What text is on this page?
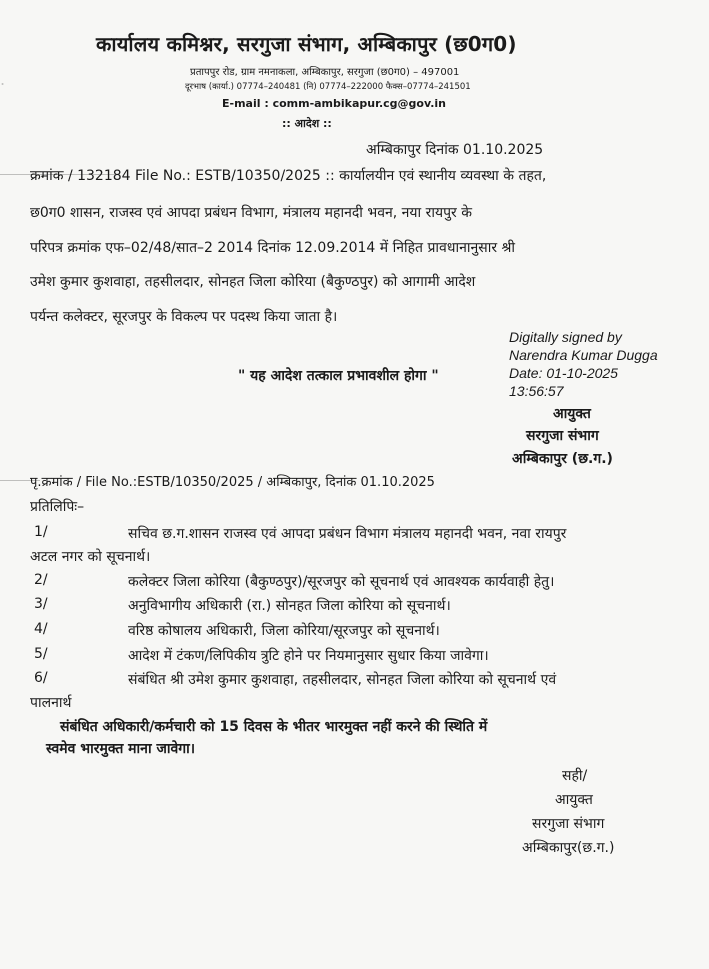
कार्यालय कमिश्नर, सरगुजा संभाग, अम्बिकापुर (छ0ग0)
प्रतापपुर रोड, ग्राम नमनाकला, अम्बिकापुर, सरगुजा (छ0ग0) – 497001
दूरभाष (कार्या.) 07774–240481 (नि) 07774–222000 फैक्स–07774–241501
E-mail : comm-ambikapur.cg@gov.in
:: आदेश ::
.
अम्बिकापुर दिनांक 01.10.2025
क्रमांक / 132184 File No.: ESTB/10350/2025 :: कार्यालयीन एवं स्थानीय व्यवस्था के तहत,
छ0ग0 शासन, राजस्व एवं आपदा प्रबंधन विभाग, मंत्रालय महानदी भवन, नया रायपुर के
परिपत्र क्रमांक एफ–02/48/सात–2 2014 दिनांक 12.09.2014 में निहित प्रावधानानुसार श्री
उमेश कुमार कुशवाहा, तहसीलदार, सोनहत जिला कोरिया (बैकुण्ठपुर) को आगामी आदेश
पर्यन्त कलेक्टर, सूरजपुर के विकल्प पर पदस्थ किया जाता है।
" यह आदेश तत्काल प्रभावशील होगा "
Digitally signed by
Narendra Kumar Dugga
Date: 01-10-2025
13:56:57
आयुक्त
सरगुजा संभाग
अम्बिकापुर (छ.ग.)
पृ.क्रमांक / File No.:ESTB/10350/2025 / अम्बिकापुर, दिनांक 01.10.2025
प्रतिलिपिः–
1/	सचिव छ.ग.शासन राजस्व एवं आपदा प्रबंधन विभाग मंत्रालय महानदी भवन, नवा रायपुर
अटल नगर को सूचनार्थ।
2/	कलेक्टर जिला कोरिया (बैकुण्ठपुर)/सूरजपुर को सूचनार्थ एवं आवश्यक कार्यवाही हेतु।
3/	अनुविभागीय अधिकारी (रा.) सोनहत जिला कोरिया को सूचनार्थ।
4/	वरिष्ठ कोषालय अधिकारी, जिला कोरिया/सूरजपुर को सूचनार्थ।
5/	आदेश में टंकण/लिपिकीय त्रुटि होने पर नियमानुसार सुधार किया जावेगा।
6/	संबंधित श्री उमेश कुमार कुशवाहा, तहसीलदार, सोनहत जिला कोरिया को सूचनार्थ एवं
पालनार्थ
संबंधित अधिकारी/कर्मचारी को 15 दिवस के भीतर भारमुक्त नहीं करने की स्थिति में
स्वमेव भारमुक्त माना जावेगा।
सही/
आयुक्त
सरगुजा संभाग
अम्बिकापुर(छ.ग.)
